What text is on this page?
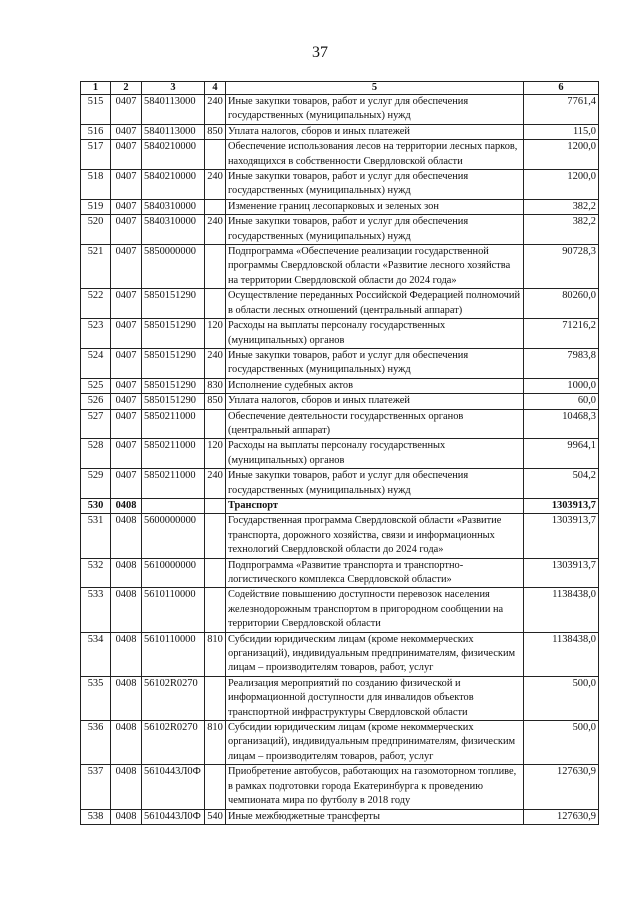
37
1	2	3	4	5	6
515	0407	5840113000	240	Иные закупки товаров, работ и услуг для обеспечения государственных (муниципальных) нужд	7761,4
516	0407	5840113000	850	Уплата налогов, сборов и иных платежей	115,0
517	0407	5840210000		Обеспечение использования лесов на территории лесных парков, находящихся в собственности Свердловской области	1200,0
518	0407	5840210000	240	Иные закупки товаров, работ и услуг для обеспечения государственных (муниципальных) нужд	1200,0
519	0407	5840310000		Изменение границ лесопарковых и зеленых зон	382,2
520	0407	5840310000	240	Иные закупки товаров, работ и услуг для обеспечения государственных (муниципальных) нужд	382,2
521	0407	5850000000		Подпрограмма «Обеспечение реализации государственной программы Свердловской области «Развитие лесного хозяйства на территории Свердловской области до 2024 года»	90728,3
522	0407	5850151290		Осуществление переданных Российской Федерацией полномочий в области лесных отношений (центральный аппарат)	80260,0
523	0407	5850151290	120	Расходы на выплаты персоналу государственных (муниципальных) органов	71216,2
524	0407	5850151290	240	Иные закупки товаров, работ и услуг для обеспечения государственных (муниципальных) нужд	7983,8
525	0407	5850151290	830	Исполнение судебных актов	1000,0
526	0407	5850151290	850	Уплата налогов, сборов и иных платежей	60,0
527	0407	5850211000		Обеспечение деятельности государственных органов (центральный аппарат)	10468,3
528	0407	5850211000	120	Расходы на выплаты персоналу государственных (муниципальных) органов	9964,1
529	0407	5850211000	240	Иные закупки товаров, работ и услуг для обеспечения государственных (муниципальных) нужд	504,2
530	0408			Транспорт	1303913,7
531	0408	5600000000		Государственная программа Свердловской области «Развитие транспорта, дорожного хозяйства, связи и информационных технологий Свердловской области до 2024 года»	1303913,7
532	0408	5610000000		Подпрограмма «Развитие транспорта и транспортно-логистического комплекса Свердловской области»	1303913,7
533	0408	5610110000		Содействие повышению доступности перевозок населения железнодорожным транспортом в пригородном сообщении на территории Свердловской области	1138438,0
534	0408	5610110000	810	Субсидии юридическим лицам (кроме некоммерческих организаций), индивидуальным предпринимателям, физическим лицам – производителям товаров, работ, услуг	1138438,0
535	0408	56102R0270		Реализация мероприятий по созданию физической и информационной доступности для инвалидов объектов транспортной инфраструктуры Свердловской области	500,0
536	0408	56102R0270	810	Субсидии юридическим лицам (кроме некоммерческих организаций), индивидуальным предпринимателям, физическим лицам – производителям товаров, работ, услуг	500,0
537	0408	5610443Л0Ф		Приобретение автобусов, работающих на газомоторном топливе, в рамках подготовки города Екатеринбурга к проведению чемпионата мира по футболу в 2018 году	127630,9
538	0408	5610443Л0Ф	540	Иные межбюджетные трансферты	127630,9
